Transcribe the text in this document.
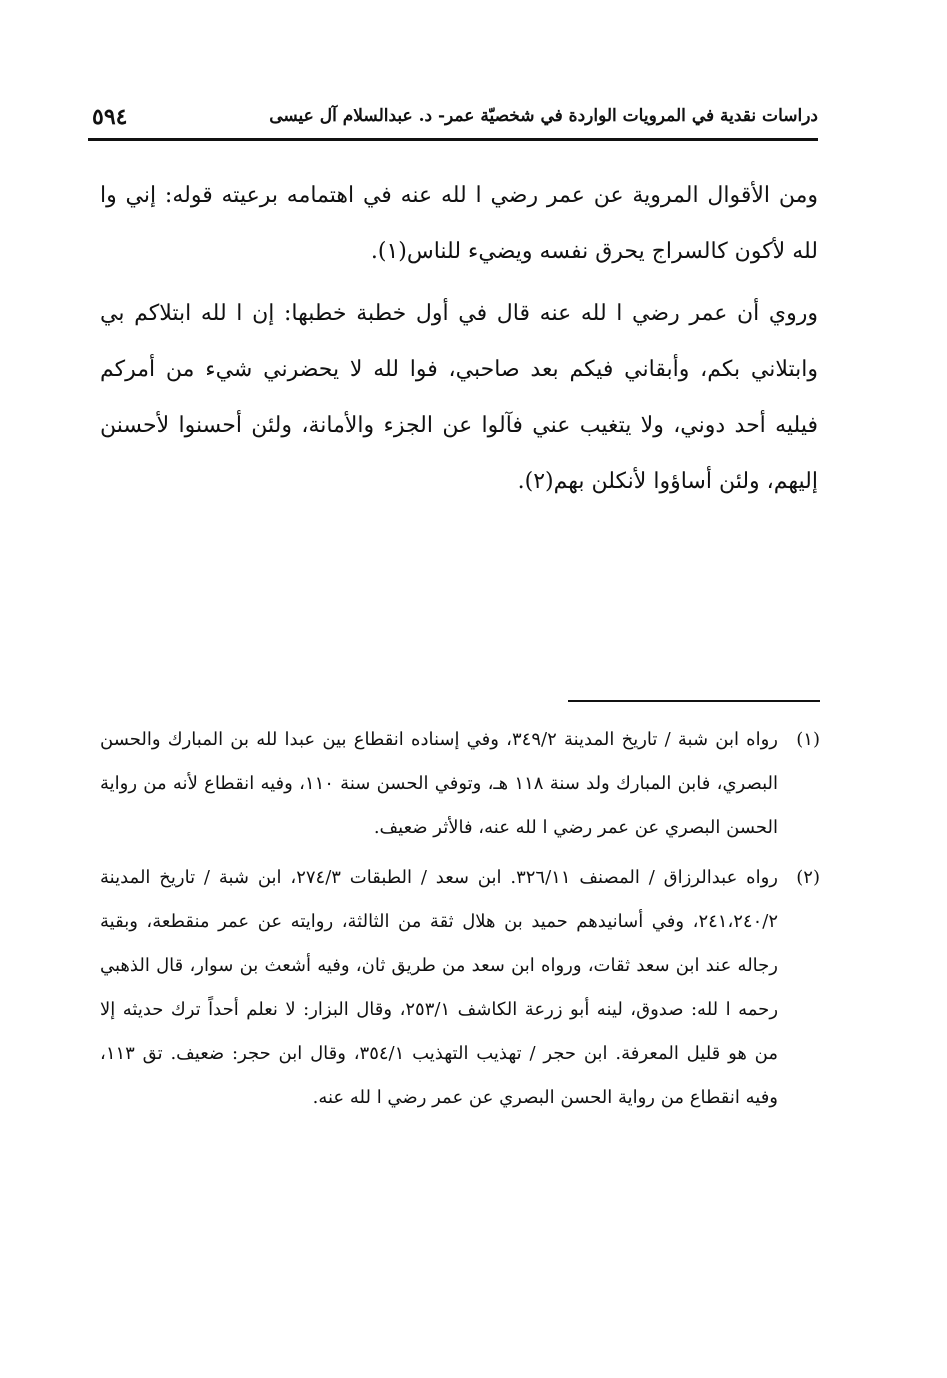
دراسات نقدية في المرويات الواردة في شخصيّة عمر- د. عبدالسلام آل عيسى
٥٩٤

ومن الأقوال المروية عن عمر رضي ا لله عنه في اهتمامه برعيته قوله: إني وا لله لأكون كالسراج يحرق نفسه ويضيء للناس(١).

وروي أن عمر رضي ا لله عنه قال في أول خطبة خطبها: إن ا لله ابتلاكم بي وابتلاني بكم، وأبقاني فيكم بعد صاحبي، فوا لله لا يحضرني شيء من أمركم فيليه أحد دوني، ولا يتغيب عني فآلوا عن الجزء والأمانة، ولئن أحسنوا لأحسنن إليهم، ولئن أساؤوا لأنكلن بهم(٢).

(١)
رواه ابن شبة / تاريخ المدينة ٣٤٩/٢، وفي إسناده انقطاع بين عبدا لله بن المبارك والحسن البصري، فابن المبارك ولد سنة ١١٨ هـ، وتوفي الحسن سنة ١١٠، وفيه انقطاع لأنه من رواية الحسن البصري عن عمر رضي ا لله عنه، فالأثر ضعيف.
(٢)
رواه عبدالرزاق / المصنف ٣٢٦/١١. ابن سعد / الطبقات ٢٧٤/٣، ابن شبة / تاريخ المدينة ٢٤١،٢٤٠/٢، وفي أسانيدهم حميد بن هلال ثقة من الثالثة، روايته عن عمر منقطعة، وبقية رجاله عند ابن سعد ثقات، ورواه ابن سعد من طريق ثان، وفيه أشعث بن سوار، قال الذهبي رحمه ا لله: صدوق، لينه أبو زرعة الكاشف ٢٥٣/١، وقال البزار: لا نعلم أحداً ترك حديثه إلا من هو قليل المعرفة. ابن حجر / تهذيب التهذيب ٣٥٤/١، وقال ابن حجر: ضعيف. تق ١١٣، وفيه انقطاع من رواية الحسن البصري عن عمر رضي ا لله عنه.
